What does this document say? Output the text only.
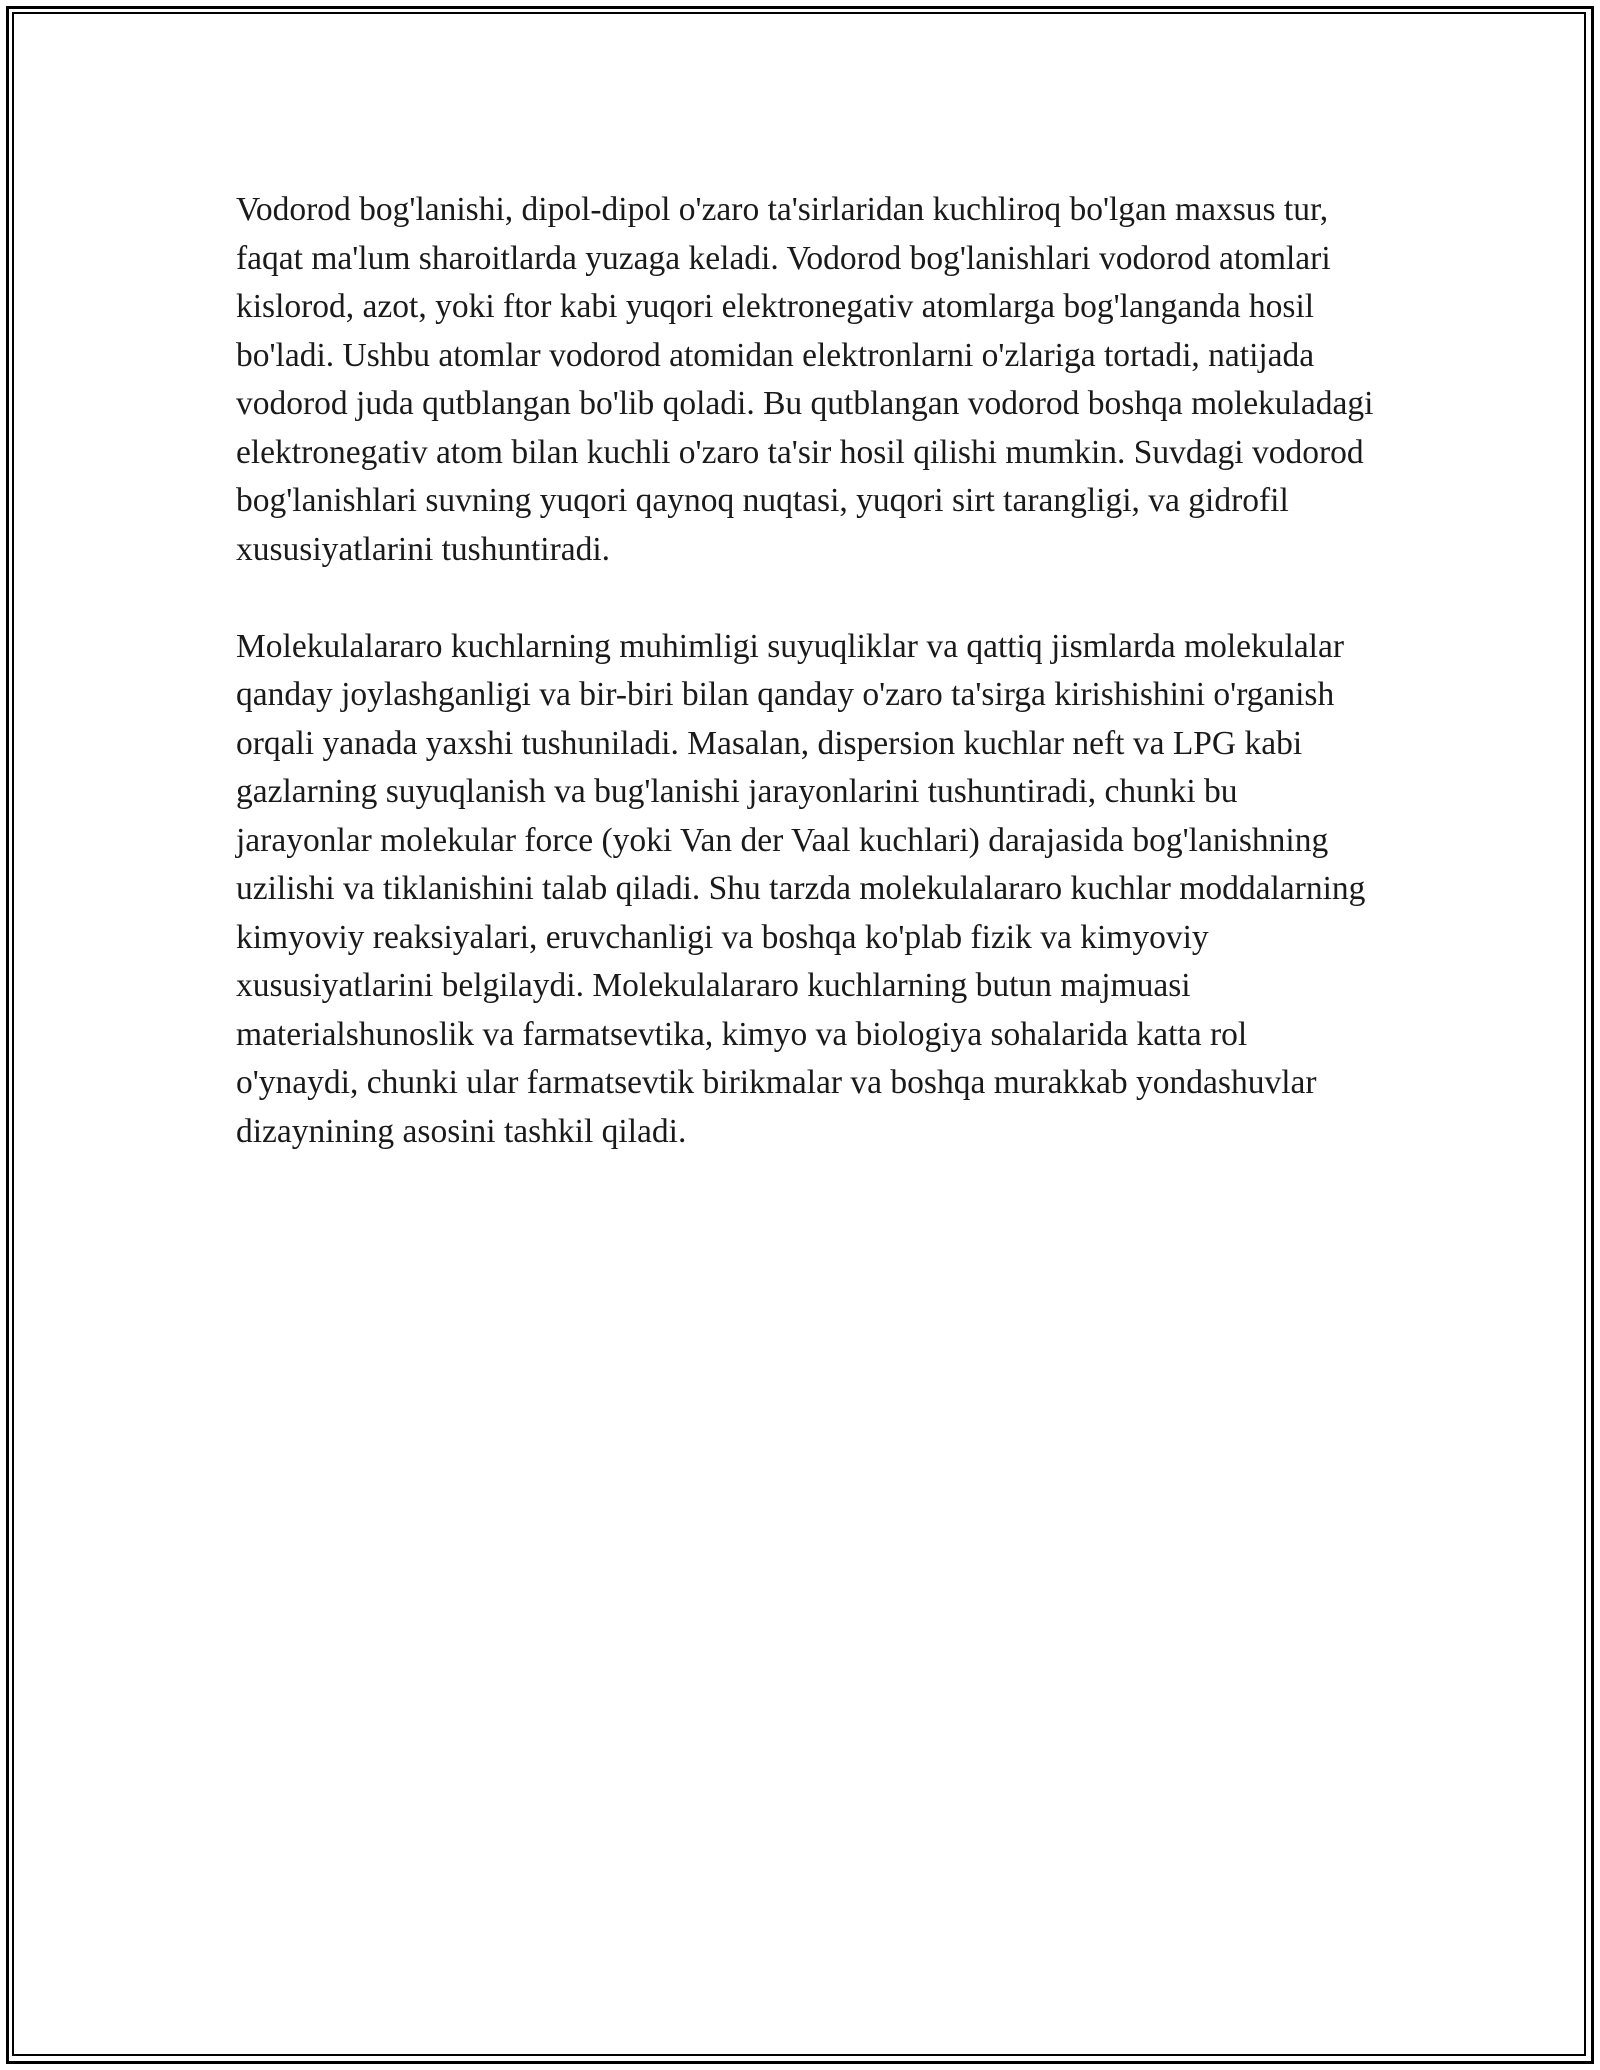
Vodorod bog'lanishi, dipol-dipol o'zaro ta'sirlaridan kuchliroq bo'lgan maxsus tur, faqat ma'lum sharoitlarda yuzaga keladi. Vodorod bog'lanishlari vodorod atomlari kislorod, azot, yoki ftor kabi yuqori elektronegativ atomlarga bog'langanda hosil bo'ladi. Ushbu atomlar vodorod atomidan elektronlarni o'zlariga tortadi, natijada vodorod juda qutblangan bo'lib qoladi. Bu qutblangan vodorod boshqa molekuladagi elektronegativ atom bilan kuchli o'zaro ta'sir hosil qilishi mumkin. Suvdagi vodorod bog'lanishlari suvning yuqori qaynoq nuqtasi, yuqori sirt tarangligi, va gidrofil xususiyatlarini tushuntiradi.

Molekulalararo kuchlarning muhimligi suyuqliklar va qattiq jismlarda molekulalar qanday joylashganligi va bir-biri bilan qanday o'zaro ta'sirga kirishishini o'rganish orqali yanada yaxshi tushuniladi. Masalan, dispersion kuchlar neft va LPG kabi gazlarning suyuqlanish va bug'lanishi jarayonlarini tushuntiradi, chunki bu jarayonlar molekular force (yoki Van der Vaal kuchlari) darajasida bog'lanishning uzilishi va tiklanishini talab qiladi. Shu tarzda molekulalararo kuchlar moddalarning kimyoviy reaksiyalari, eruvchanligi va boshqa ko'plab fizik va kimyoviy xususiyatlarini belgilaydi. Molekulalararo kuchlarning butun majmuasi materialshunoslik va farmatsevtika, kimyo va biologiya sohalarida katta rol o'ynaydi, chunki ular farmatsevtik birikmalar va boshqa murakkab yondashuvlar dizaynining asosini tashkil qiladi.
